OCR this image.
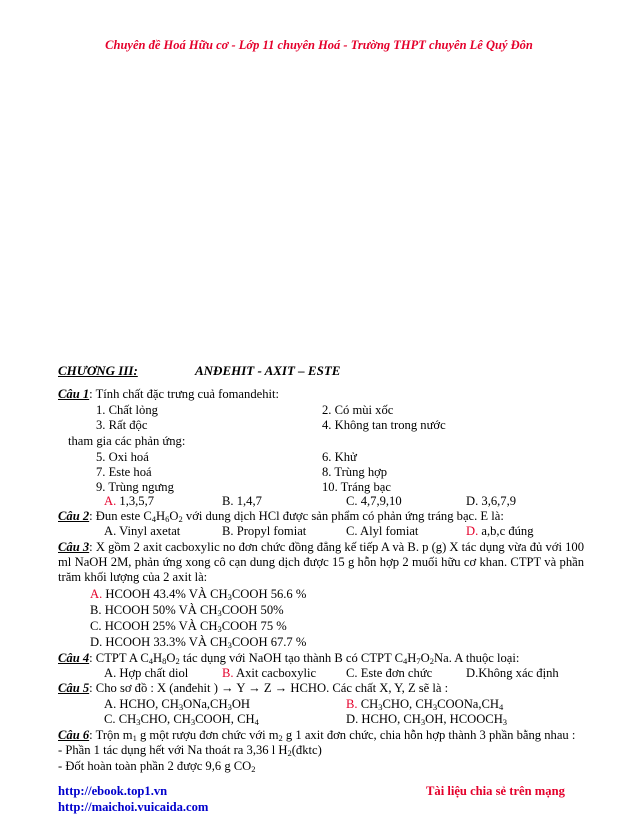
Chuyên đề Hoá Hữu cơ - Lớp 11 chuyên Hoá - Trường THPT chuyên Lê Quý Đôn
CHƯƠNG III:	ANĐEHIT - AXIT – ESTE
Câu 1: Tính chất đặc trưng cuả fomandehit:
1. Chất lỏng	2. Có mùi xốc
3. Rất độc	4. Không tan trong nước
tham gia các phản ứng:
5. Oxi hoá	6. Khử
7. Este hoá	8. Trùng hợp
9. Trùng ngưng	10. Tráng bạc
A. 1,3,5,7	B. 1,4,7	C. 4,7,9,10	D. 3,6,7,9
Câu 2: Đun este $C_4H_6O_2$ với dung dịch HCl được sản phẩm có phản ứng tráng bạc. E là:
A. Vinyl axetat	B. Propyl fomiat	C. Alyl fomiat	D. a,b,c đúng
Câu 3: X gồm 2 axit cacboxylic no đơn chức đồng đẳng kế tiếp A và B. p (g) X tác dụng vừa đủ với 100 ml NaOH 2M, phản ứng xong cô cạn dung dịch được 15 g hỗn hợp 2 muối hữu cơ khan. CTPT và phần trăm khối lượng của 2 axit là:
A. HCOOH 43.4% VÀ $CH_3COOH$ 56.6 %
B. HCOOH 50% VÀ $CH_3COOH$ 50%
C. HCOOH 25% VÀ $CH_3COOH$ 75 %
D. HCOOH 33.3% VÀ $CH_3COOH$ 67.7 %
Câu 4: CTPT A $C_4H_8O_2$ tác dụng với NaOH tạo thành B có CTPT $C_4H_7O_2Na$. A thuộc loại:
A. Hợp chất diol	B. Axit cacboxylic C. Este đơn chức	D.Không xác định
Câu 5: Cho sơ đồ : X (anđehit ) → Y → Z → HCHO. Các chất X, Y, Z sẽ là :
A. HCHO, $CH_3ONa,CH_3OH$	B. $CH_3CHO$, $CH_3COONa,CH_4$
C. $CH_3CHO$, $CH_3COOH$, $CH_4$	D. HCHO, $CH_3OH$, $HCOOCH_3$
Câu 6: Trộn $m_1$ g một rượu đơn chức với $m_2$ g 1 axit đơn chức, chia hỗn hợp thành 3 phần bằng nhau :
- Phần 1 tác dụng hết với Na thoát ra 3,36 l $H_2(đktc)$
- Đốt hoàn toàn phần 2 được 9,6 g $CO_2$
http://ebook.top1.vn
http://maichoi.vuicaida.com
Tài liệu chia sẻ trên mạng
